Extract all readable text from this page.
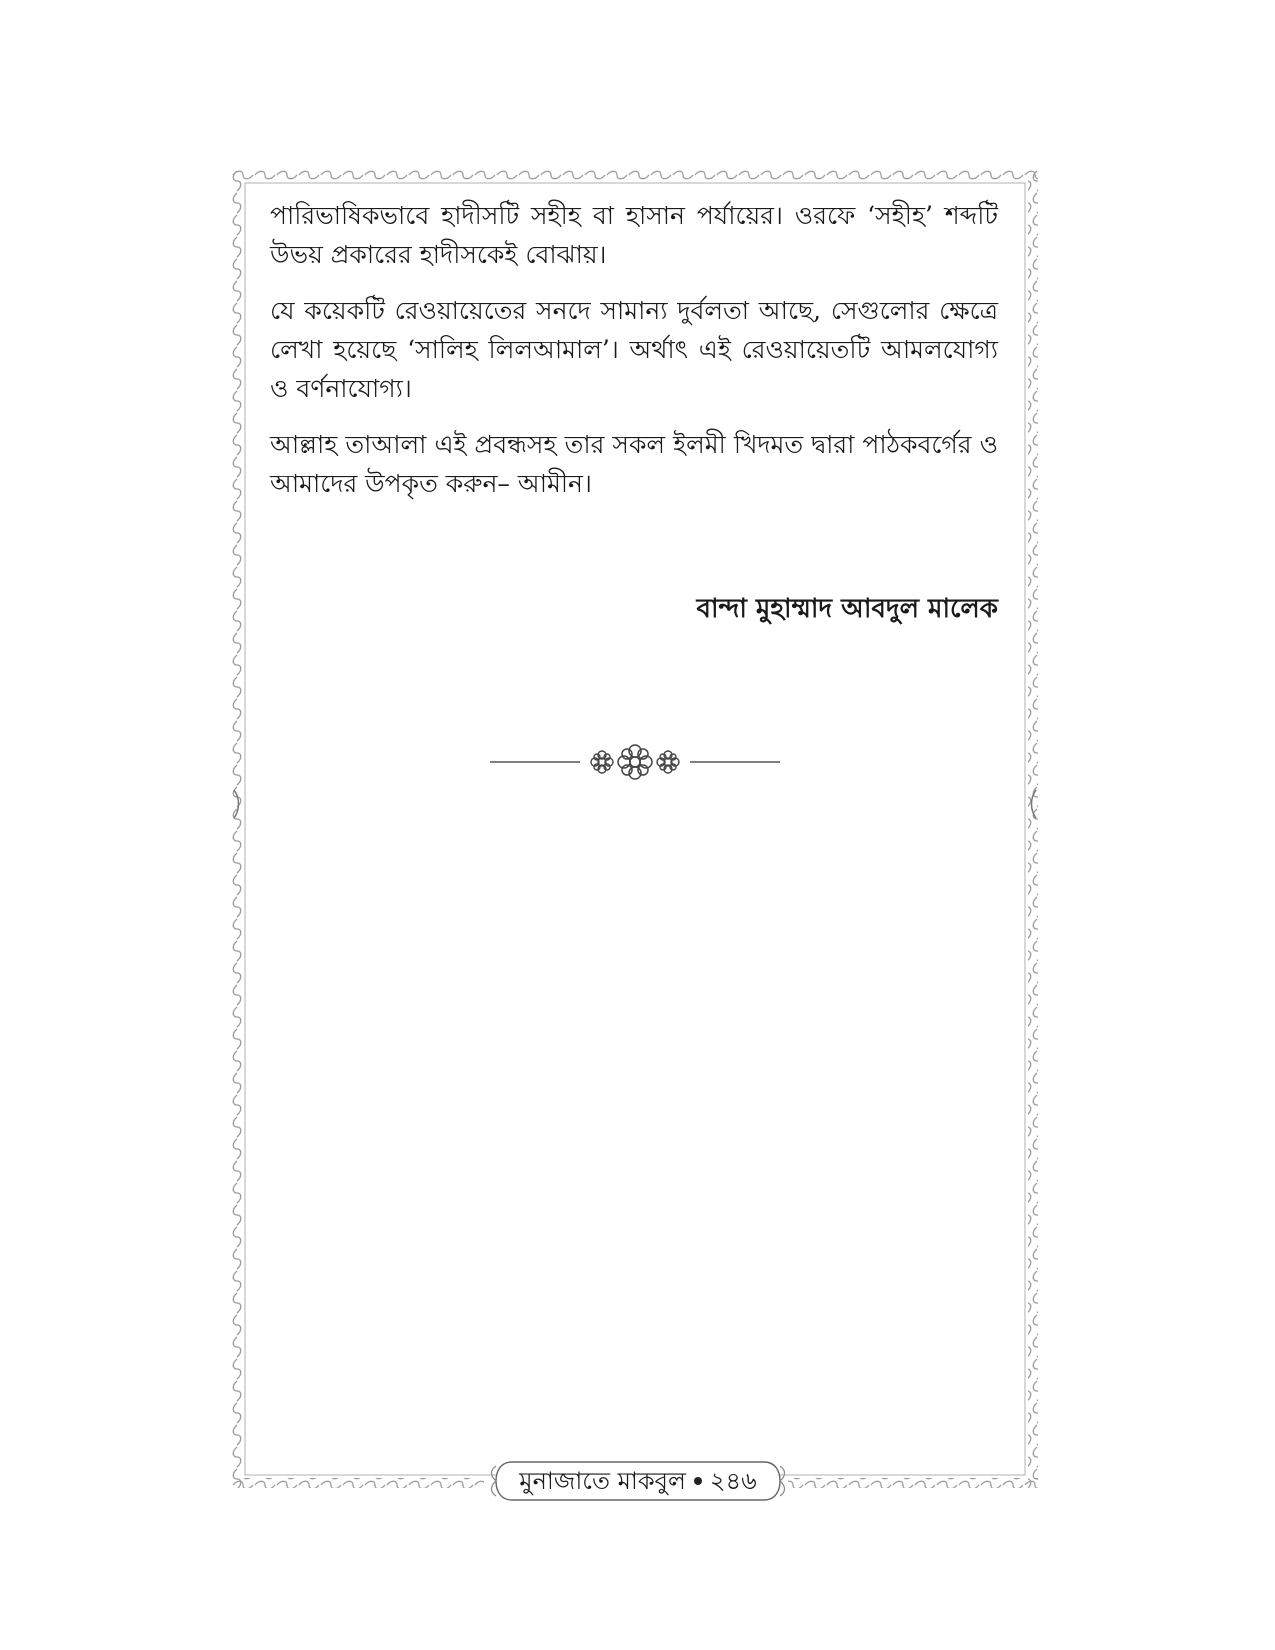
পারিভাষিকভাবে হাদীসটি সহীহ বা হাসান পর্যায়ের। ওরফে ‘সহীহ’ শব্দটি উভয় প্রকারের হাদীসকেই বোঝায়।

যে কয়েকটি রেওয়ায়েতের সনদে সামান্য দুর্বলতা আছে, সেগুলোর ক্ষেত্রে লেখা হয়েছে ‘সালিহ লিলআমাল’। অর্থাৎ এই রেওয়ায়েতটি আমলযোগ্য ও বর্ণনাযোগ্য।

আল্লাহ তাআলা এই প্রবন্ধসহ তার সকল ইলমী খিদমত দ্বারা পাঠকবর্গের ও আমাদের উপকৃত করুন– আমীন।

বান্দা মুহাম্মাদ আবদুল মালেক
মুনাজাতে মাকবুল ২৪৬
